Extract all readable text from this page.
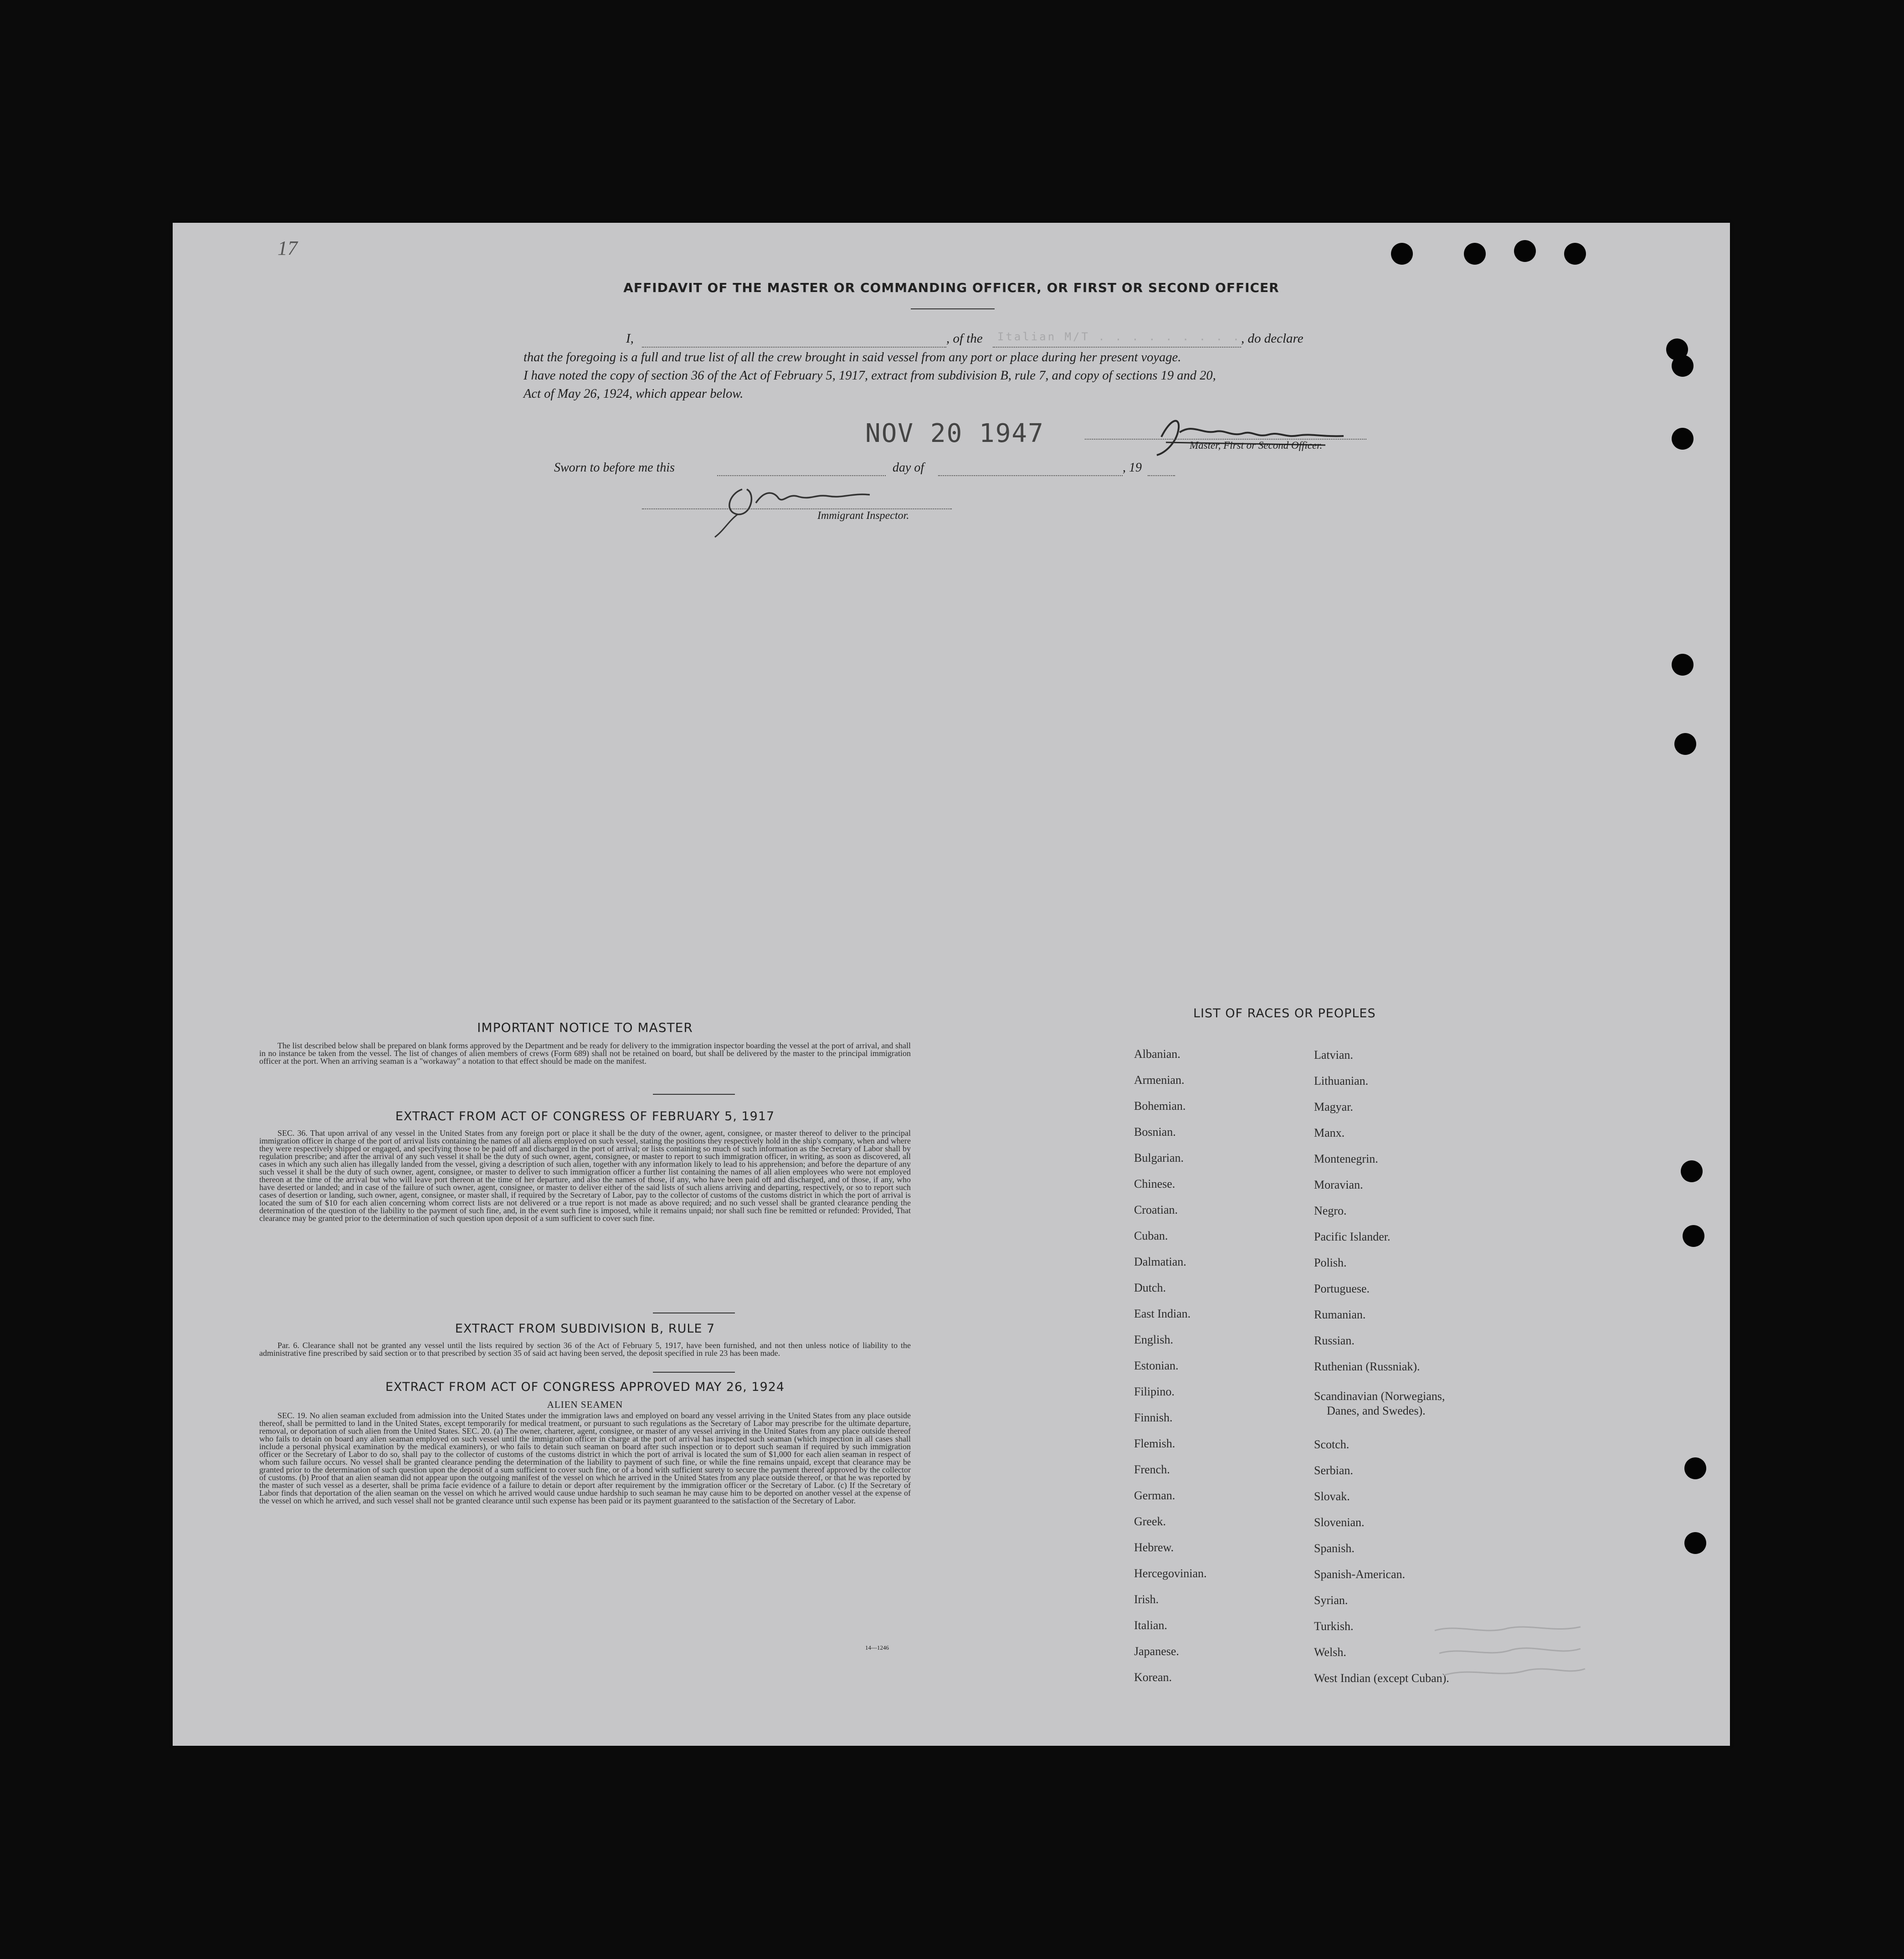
17
AFFIDAVIT OF THE MASTER OR COMMANDING OFFICER, OR FIRST OR SECOND OFFICER
I,	, of the Italian M/T . . . . . . . . . , do declare
that the foregoing is a full and true list of all the crew brought in said vessel from any port or place during her present voyage.
I have noted the copy of section 36 of the Act of February 5, 1917, extract from subdivision B, rule 7, and copy of sections 19 and 20,
Act of May 26, 1924, which appear below.
NOV 20 1947	Master, First or Second Officer.
Sworn to before me this	day of	, 19
Immigrant Inspector.
IMPORTANT NOTICE TO MASTER
The list described below shall be prepared on blank forms approved by the Department and be ready for delivery to the immigration inspector boarding the vessel at the port of arrival, and shall in no instance be taken from the vessel. The list of changes of alien members of crews (Form 689) shall not be retained on board, but shall be delivered by the master to the principal immigration officer at the port. When an arriving seaman is a "workaway" a notation to that effect should be made on the manifest.
EXTRACT FROM ACT OF CONGRESS OF FEBRUARY 5, 1917
SEC. 36. That upon arrival of any vessel in the United States from any foreign port or place it shall be the duty of the owner, agent, consignee, or master thereof to deliver to the principal immigration officer in charge of the port of arrival lists containing the names of all aliens employed on such vessel, stating the positions they respectively hold in the ship's company, when and where they were respectively shipped or engaged, and specifying those to be paid off and discharged in the port of arrival; or lists containing so much of such information as the Secretary of Labor shall by regulation prescribe; and after the arrival of any such vessel it shall be the duty of such owner, agent, consignee, or master to report to such immigration officer, in writing, as soon as discovered, all cases in which any such alien has illegally landed from the vessel, giving a description of such alien, together with any information likely to lead to his apprehension; and before the departure of any such vessel it shall be the duty of such owner, agent, consignee, or master to deliver to such immigration officer a further list containing the names of all alien employees who were not employed thereon at the time of the arrival but who will leave port thereon at the time of her departure, and also the names of those, if any, who have been paid off and discharged, and of those, if any, who have deserted or landed; and in case of the failure of such owner, agent, consignee, or master to deliver either of the said lists of such aliens arriving and departing, respectively, or so to report such cases of desertion or landing, such owner, agent, consignee, or master shall, if required by the Secretary of Labor, pay to the collector of customs of the customs district in which the port of arrival is located the sum of $10 for each alien concerning whom correct lists are not delivered or a true report is not made as above required; and no such vessel shall be granted clearance pending the determination of the question of the liability to the payment of such fine, and, in the event such fine is imposed, while it remains unpaid; nor shall such fine be remitted or refunded: Provided, That clearance may be granted prior to the determination of such question upon deposit of a sum sufficient to cover such fine.
EXTRACT FROM SUBDIVISION B, RULE 7
Par. 6. Clearance shall not be granted any vessel until the lists required by section 36 of the Act of February 5, 1917, have been furnished, and not then unless notice of liability to the administrative fine prescribed by said section or to that prescribed by section 35 of said act having been served, the deposit specified in rule 23 has been made.
EXTRACT FROM ACT OF CONGRESS APPROVED MAY 26, 1924
ALIEN SEAMEN
SEC. 19. No alien seaman excluded from admission into the United States under the immigration laws and employed on board any vessel arriving in the United States from any place outside thereof, shall be permitted to land in the United States, except temporarily for medical treatment, or pursuant to such regulations as the Secretary of Labor may prescribe for the ultimate departure, removal, or deportation of such alien from the United States. SEC. 20. (a) The owner, charterer, agent, consignee, or master of any vessel arriving in the United States from any place outside thereof who fails to detain on board any alien seaman employed on such vessel until the immigration officer in charge at the port of arrival has inspected such seaman (which inspection in all cases shall include a personal physical examination by the medical examiners), or who fails to detain such seaman on board after such inspection or to deport such seaman if required by such immigration officer or the Secretary of Labor to do so, shall pay to the collector of customs of the customs district in which the port of arrival is located the sum of $1,000 for each alien seaman in respect of whom such failure occurs. No vessel shall be granted clearance pending the determination of the liability to payment of such fine, or while the fine remains unpaid, except that clearance may be granted prior to the determination of such question upon the deposit of a sum sufficient to cover such fine, or of a bond with sufficient surety to secure the payment thereof approved by the collector of customs. (b) Proof that an alien seaman did not appear upon the outgoing manifest of the vessel on which he arrived in the United States from any place outside thereof, or that he was reported by the master of such vessel as a deserter, shall be prima facie evidence of a failure to detain or deport after requirement by the immigration officer or the Secretary of Labor. (c) If the Secretary of Labor finds that deportation of the alien seaman on the vessel on which he arrived would cause undue hardship to such seaman he may cause him to be deported on another vessel at the expense of the vessel on which he arrived, and such vessel shall not be granted clearance until such expense has been paid or its payment guaranteed to the satisfaction of the Secretary of Labor.
14—1246
LIST OF RACES OR PEOPLES
Albanian.
Armenian.
Bohemian.
Bosnian.
Bulgarian.
Chinese.
Croatian.
Cuban.
Dalmatian.
Dutch.
East Indian.
English.
Estonian.
Filipino.
Finnish.
Flemish.
French.
German.
Greek.
Hebrew.
Hercegovinian.
Irish.
Italian.
Japanese.
Korean.
Latvian.
Lithuanian.
Magyar.
Manx.
Montenegrin.
Moravian.
Negro.
Pacific Islander.
Polish.
Portuguese.
Rumanian.
Russian.
Ruthenian (Russniak).
Scandinavian (Norwegians,
Danes, and Swedes).
Scotch.
Serbian.
Slovak.
Slovenian.
Spanish.
Spanish-American.
Syrian.
Turkish.
Welsh.
West Indian (except Cuban).
